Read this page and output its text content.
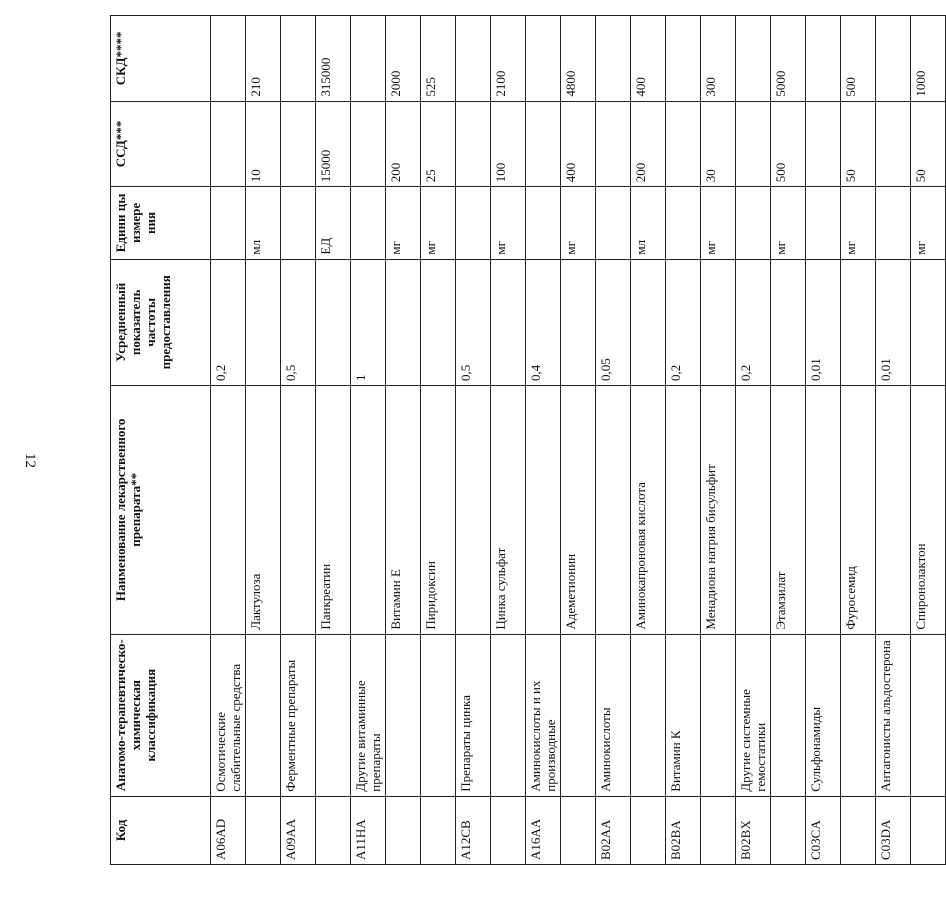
12
Код	Анатомо-терапевтическо-химическая классификация	Наименование лекарственного препарата**	Усредненный показатель частоты предоставления	Едини цы измере ния	ССД***	СКД****
A06AD	Осмотические слабительные средства		0,2			
		Лактулоза		мл	10	210
A09AA	Ферментные препараты		0,5			
		Панкреатин		ЕД	15000	315000
A11HA	Другие витаминные препараты		1			
		Витамин Е		мг	200	2000
		Пиридоксин		мг	25	525
A12CB	Препараты цинка		0,5			
		Цинка сульфат		мг	100	2100
A16AA	Аминокислоты и их производные		0,4			
		Адеметионин		мг	400	4800
B02AA	Аминокислоты		0,05			
		Аминокапроновая кислота		мл	200	400
B02BA	Витамин К		0,2			
		Менадиона натрия бисульфит		мг	30	300
B02BX	Другие системные гемостатики		0,2			
		Этамзилат		мг	500	5000
C03CA	Сульфонамиды		0,01			
		Фуросемид		мг	50	500
C03DA	Антагонисты альдостерона		0,01			
		Спиронолактон		мг	50	1000
